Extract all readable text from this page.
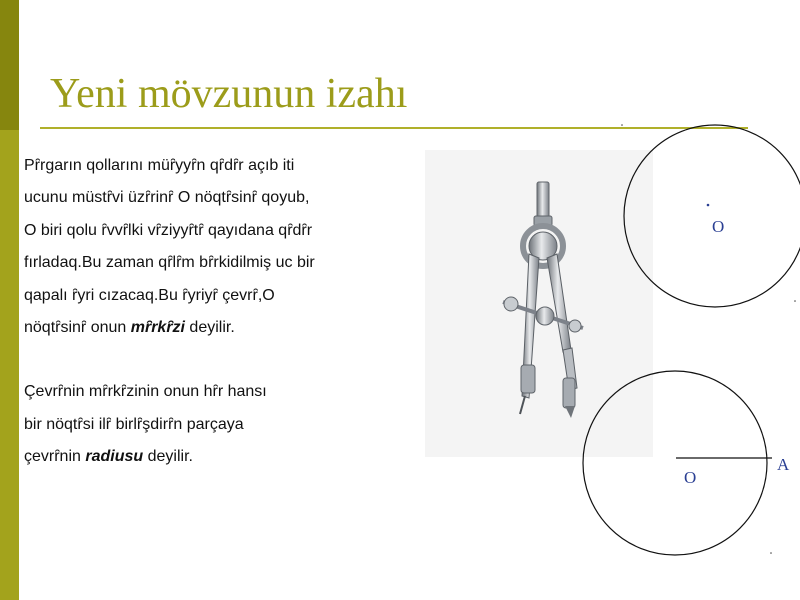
Yeni mövzunun izahı
Pȓrgarın qollarını müȓyyȓn qȓdȓr açıb iti
ucunu müstȓvi üzȓrinȓ O nöqtȓsinȓ qoyub,
O biri qolu ȓvvȓlki vȓziyyȓtȓ qayıdana qȓdȓr
fırladaq.Bu zaman qȓlȓm bȓrkidilmiş uc bir
qapalı ȓyri cızacaq.Bu ȓyriyȓ çevrȓ,O
nöqtȓsinȓ onun mȓrkȓzi deyilir.
Çevrȓnin mȓrkȓzinin onun hȓr hansı
bir nöqtȓsi ilȓ birlȓşdirȓn parçaya
çevrȓnin radiusu deyilir.
O
O
A
